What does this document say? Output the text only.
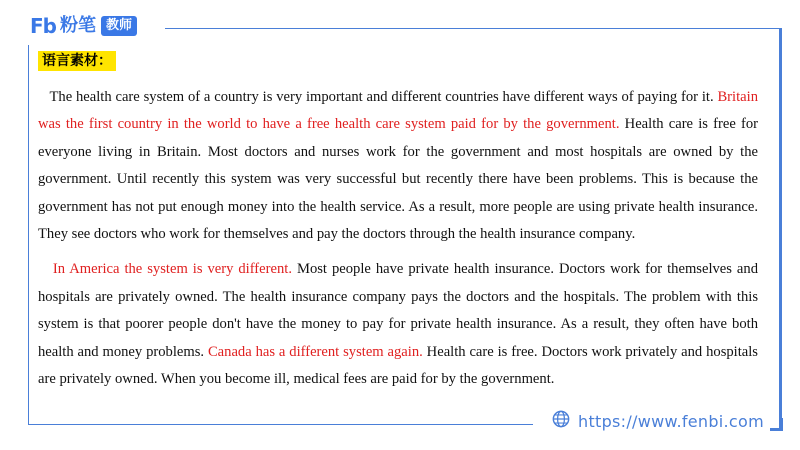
Fb 粉笔 教师
语言素材：

The health care system of a country is very important and different countries have different ways of paying for it. Britain was the first country in the world to have a free health care system paid for by the government. Health care is free for everyone living in Britain. Most doctors and nurses work for the government and most hospitals are owned by the government. Until recently this system was very successful but recently there have been problems. This is because the government has not put enough money into the health service. As a result, more people are using private health insurance. They see doctors who work for themselves and pay the doctors through the health insurance company.

In America the system is very different. Most people have private health insurance. Doctors work for themselves and hospitals are privately owned. The health insurance company pays the doctors and the hospitals. The problem with this system is that poorer people don't have the money to pay for private health insurance. As a result, they often have both health and money problems. Canada has a different system again. Health care is free. Doctors work privately and hospitals are privately owned. When you become ill, medical fees are paid for by the government.

https://www.fenbi.com
